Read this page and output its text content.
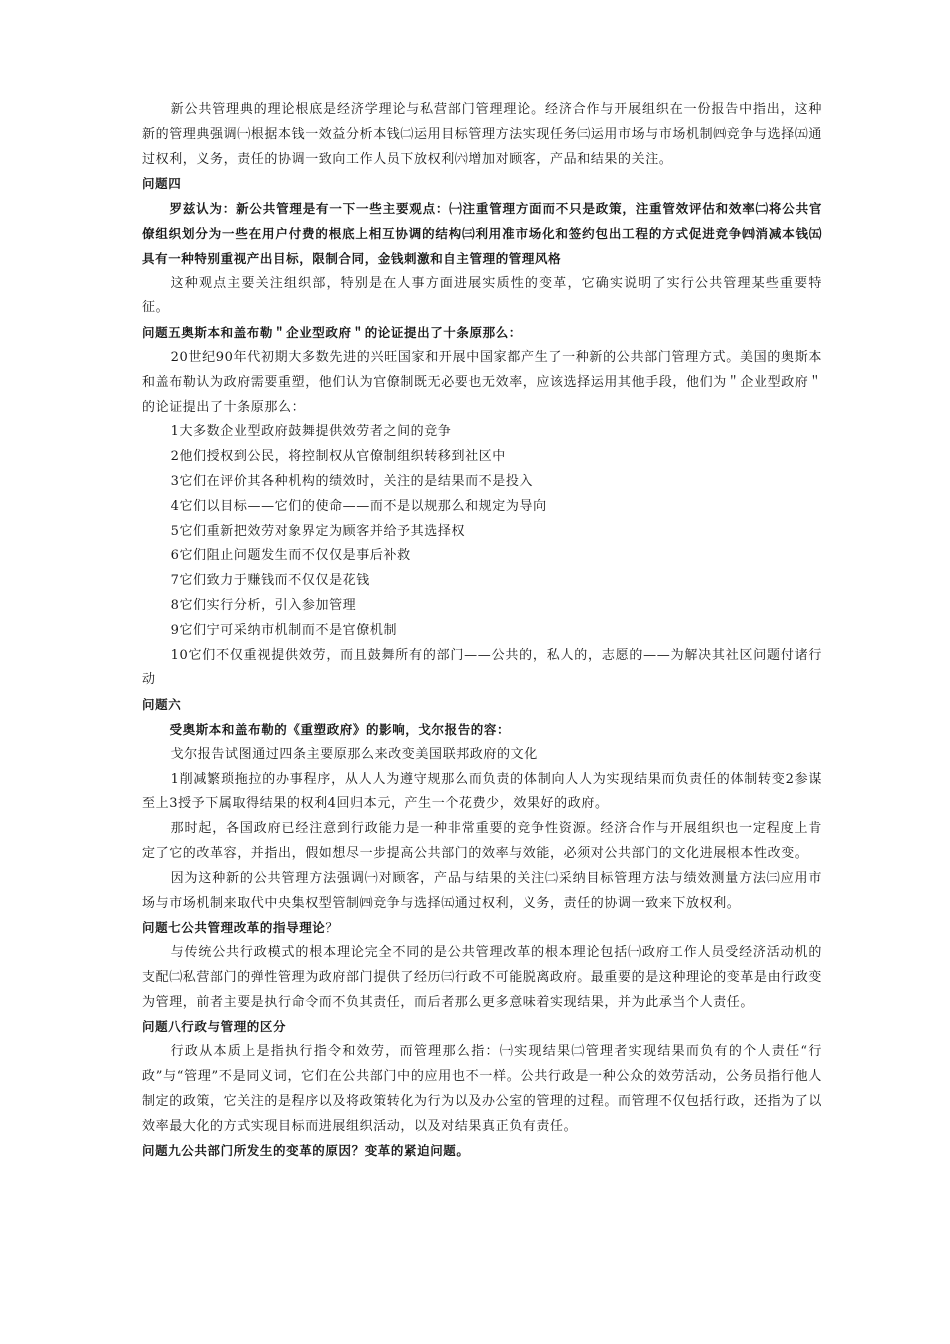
新公共管理典的理论根底是经济学理论与私营部门管理理论。经济合作与开展组织在一份报告中指出，这种新的管理典强调㈠根据本钱一效益分析本钱㈡运用目标管理方法实现任务㈢运用市场与市场机制㈣竞争与选择㈤通过权利，义务，责任的协调一致向工作人员下放权利㈥增加对顾客，产品和结果的关注。

问题四

罗兹认为：新公共管理是有一下一些主要观点：㈠注重管理方面而不只是政策，注重管效评估和效率㈡将公共官僚组织划分为一些在用户付费的根底上相互协调的结构㈢利用准市场化和签约包出工程的方式促进竞争㈣消减本钱㈤具有一种特别重视产出目标，限制合同，金钱刺激和自主管理的管理风格

这种观点主要关注组织部，特别是在人事方面进展实质性的变革，它确实说明了实行公共管理某些重要特征。

问题五奥斯本和盖布勒＂企业型政府＂的论证提出了十条原那么：

20世纪90年代初期大多数先进的兴旺国家和开展中国家都产生了一种新的公共部门管理方式。美国的奥斯本和盖布勒认为政府需要重塑，他们认为官僚制既无必要也无效率，应该选择运用其他手段，他们为＂企业型政府＂的论证提出了十条原那么：

1大多数企业型政府鼓舞提供效劳者之间的竞争

2他们授权到公民，将控制权从官僚制组织转移到社区中

3它们在评价其各种机构的绩效时，关注的是结果而不是投入

4它们以目标——它们的使命——而不是以规那么和规定为导向

5它们重新把效劳对象界定为顾客并给予其选择权

6它们阻止问题发生而不仅仅是事后补救

7它们致力于赚钱而不仅仅是花钱

8它们实行分析，引入参加管理

9它们宁可采纳市机制而不是官僚机制

10它们不仅重视提供效劳，而且鼓舞所有的部门——公共的，私人的，志愿的——为解决其社区问题付诸行动

问题六

受奥斯本和盖布勒的《重塑政府》的影响，戈尔报告的容：

戈尔报告试图通过四条主要原那么来改变美国联邦政府的文化

1削减繁琐拖拉的办事程序，从人人为遵守规那么而负责的体制向人人为实现结果而负责任的体制转变2参谋至上3授予下属取得结果的权利4回归本元，产生一个花费少，效果好的政府。

那时起，各国政府已经注意到行政能力是一种非常重要的竞争性资源。经济合作与开展组织也一定程度上肯定了它的改革容，并指出，假如想尽一步提高公共部门的效率与效能，必须对公共部门的文化进展根本性改变。

因为这种新的公共管理方法强调㈠对顾客，产品与结果的关注㈡采纳目标管理方法与绩效测量方法㈢应用市场与市场机制来取代中央集权型管制㈣竞争与选择㈤通过权利，义务，责任的协调一致来下放权利。

问题七公共管理改革的指导理论？

与传统公共行政模式的根本理论完全不同的是公共管理改革的根本理论包括㈠政府工作人员受经济活动机的支配㈡私营部门的弹性管理为政府部门提供了经历㈢行政不可能脱离政府。最重要的是这种理论的变革是由行政变为管理，前者主要是执行命令而不负其责任，而后者那么更多意味着实现结果，并为此承当个人责任。

问题八行政与管理的区分

行政从本质上是指执行指令和效劳，而管理那么指：㈠实现结果㈡管理者实现结果而负有的个人责任“行政”与“管理”不是同义词，它们在公共部门中的应用也不一样。公共行政是一种公众的效劳活动，公务员指行他人制定的政策，它关注的是程序以及将政策转化为行为以及办公室的管理的过程。而管理不仅包括行政，还指为了以效率最大化的方式实现目标而进展组织活动，以及对结果真正负有责任。

问题九公共部门所发生的变革的原因？变革的紧迫问题。
